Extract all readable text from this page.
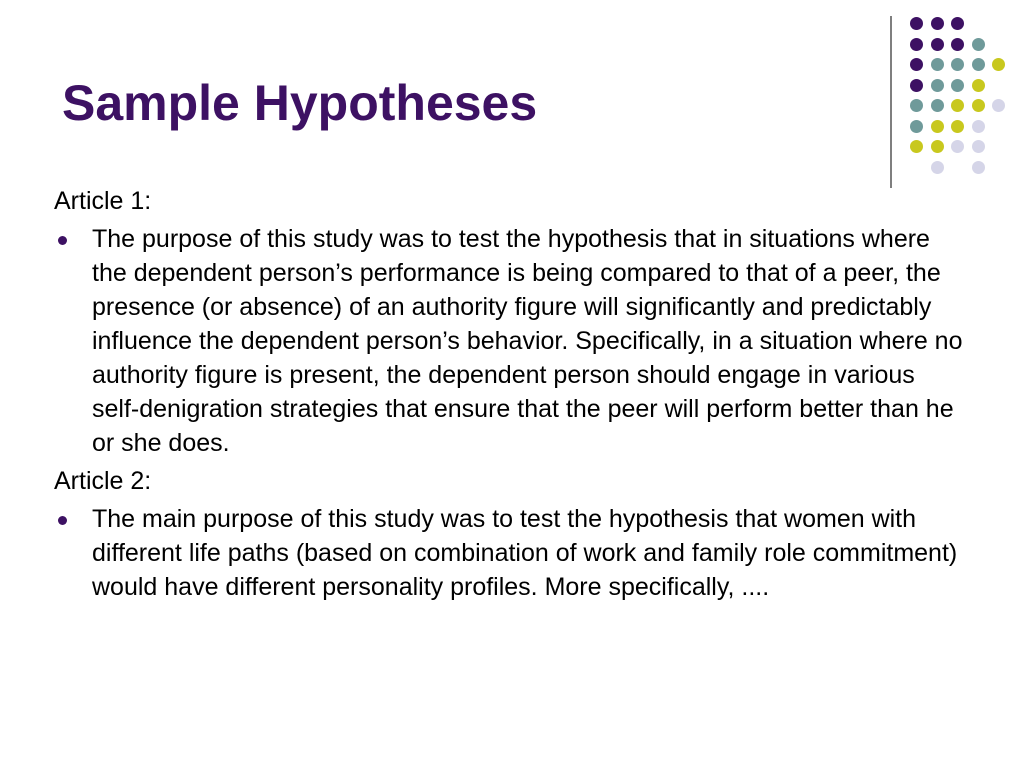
Sample Hypotheses

Article 1:

The purpose of this study was to test the hypothesis that in situations where the dependent person’s performance is being compared to that of a peer, the presence (or absence) of an authority figure will significantly and predictably influence the dependent person’s behavior. Specifically, in a situation where no authority figure is present, the dependent person should engage in various self-denigration strategies that ensure that the peer will perform better than he or she does.

Article 2:

The main purpose of this study was to test the hypothesis that women with different life paths (based on combination of work and family role commitment) would have different personality profiles. More specifically, ....
